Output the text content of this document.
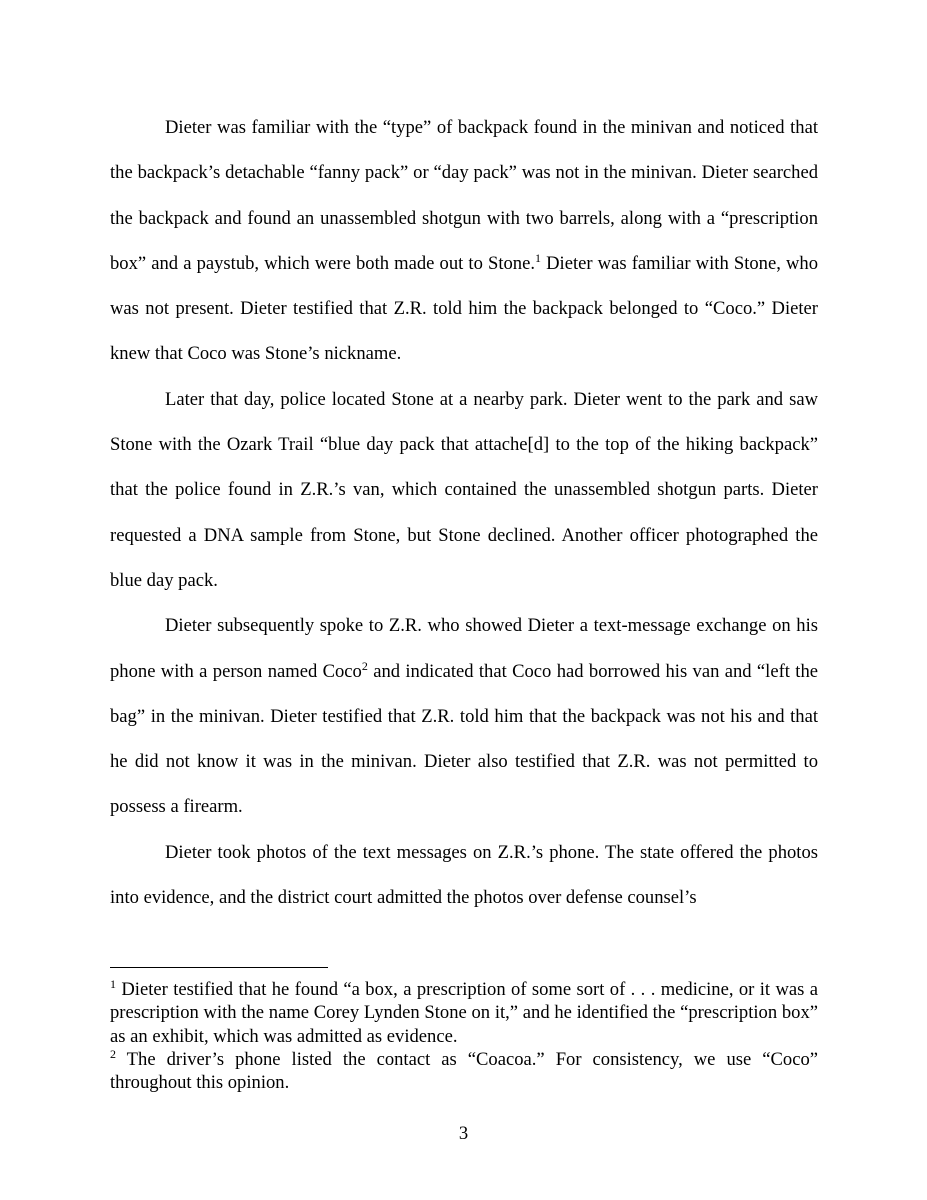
Dieter was familiar with the “type” of backpack found in the minivan and noticed that the backpack’s detachable “fanny pack” or “day pack” was not in the minivan. Dieter searched the backpack and found an unassembled shotgun with two barrels, along with a “prescription box” and a paystub, which were both made out to Stone.$^1$ Dieter was familiar with Stone, who was not present. Dieter testified that Z.R. told him the backpack belonged to “Coco.” Dieter knew that Coco was Stone’s nickname.

Later that day, police located Stone at a nearby park. Dieter went to the park and saw Stone with the Ozark Trail “blue day pack that attache[d] to the top of the hiking backpack” that the police found in Z.R.’s van, which contained the unassembled shotgun parts. Dieter requested a DNA sample from Stone, but Stone declined. Another officer photographed the blue day pack.

Dieter subsequently spoke to Z.R. who showed Dieter a text-message exchange on his phone with a person named Coco$^2$ and indicated that Coco had borrowed his van and “left the bag” in the minivan. Dieter testified that Z.R. told him that the backpack was not his and that he did not know it was in the minivan. Dieter also testified that Z.R. was not permitted to possess a firearm.

Dieter took photos of the text messages on Z.R.’s phone. The state offered the photos into evidence, and the district court admitted the photos over defense counsel’s

$^1$ Dieter testified that he found “a box, a prescription of some sort of . . . medicine, or it was a prescription with the name Corey Lynden Stone on it,” and he identified the “prescription box” as an exhibit, which was admitted as evidence.

$^2$ The driver’s phone listed the contact as “Coacoa.” For consistency, we use “Coco” throughout this opinion.

3
